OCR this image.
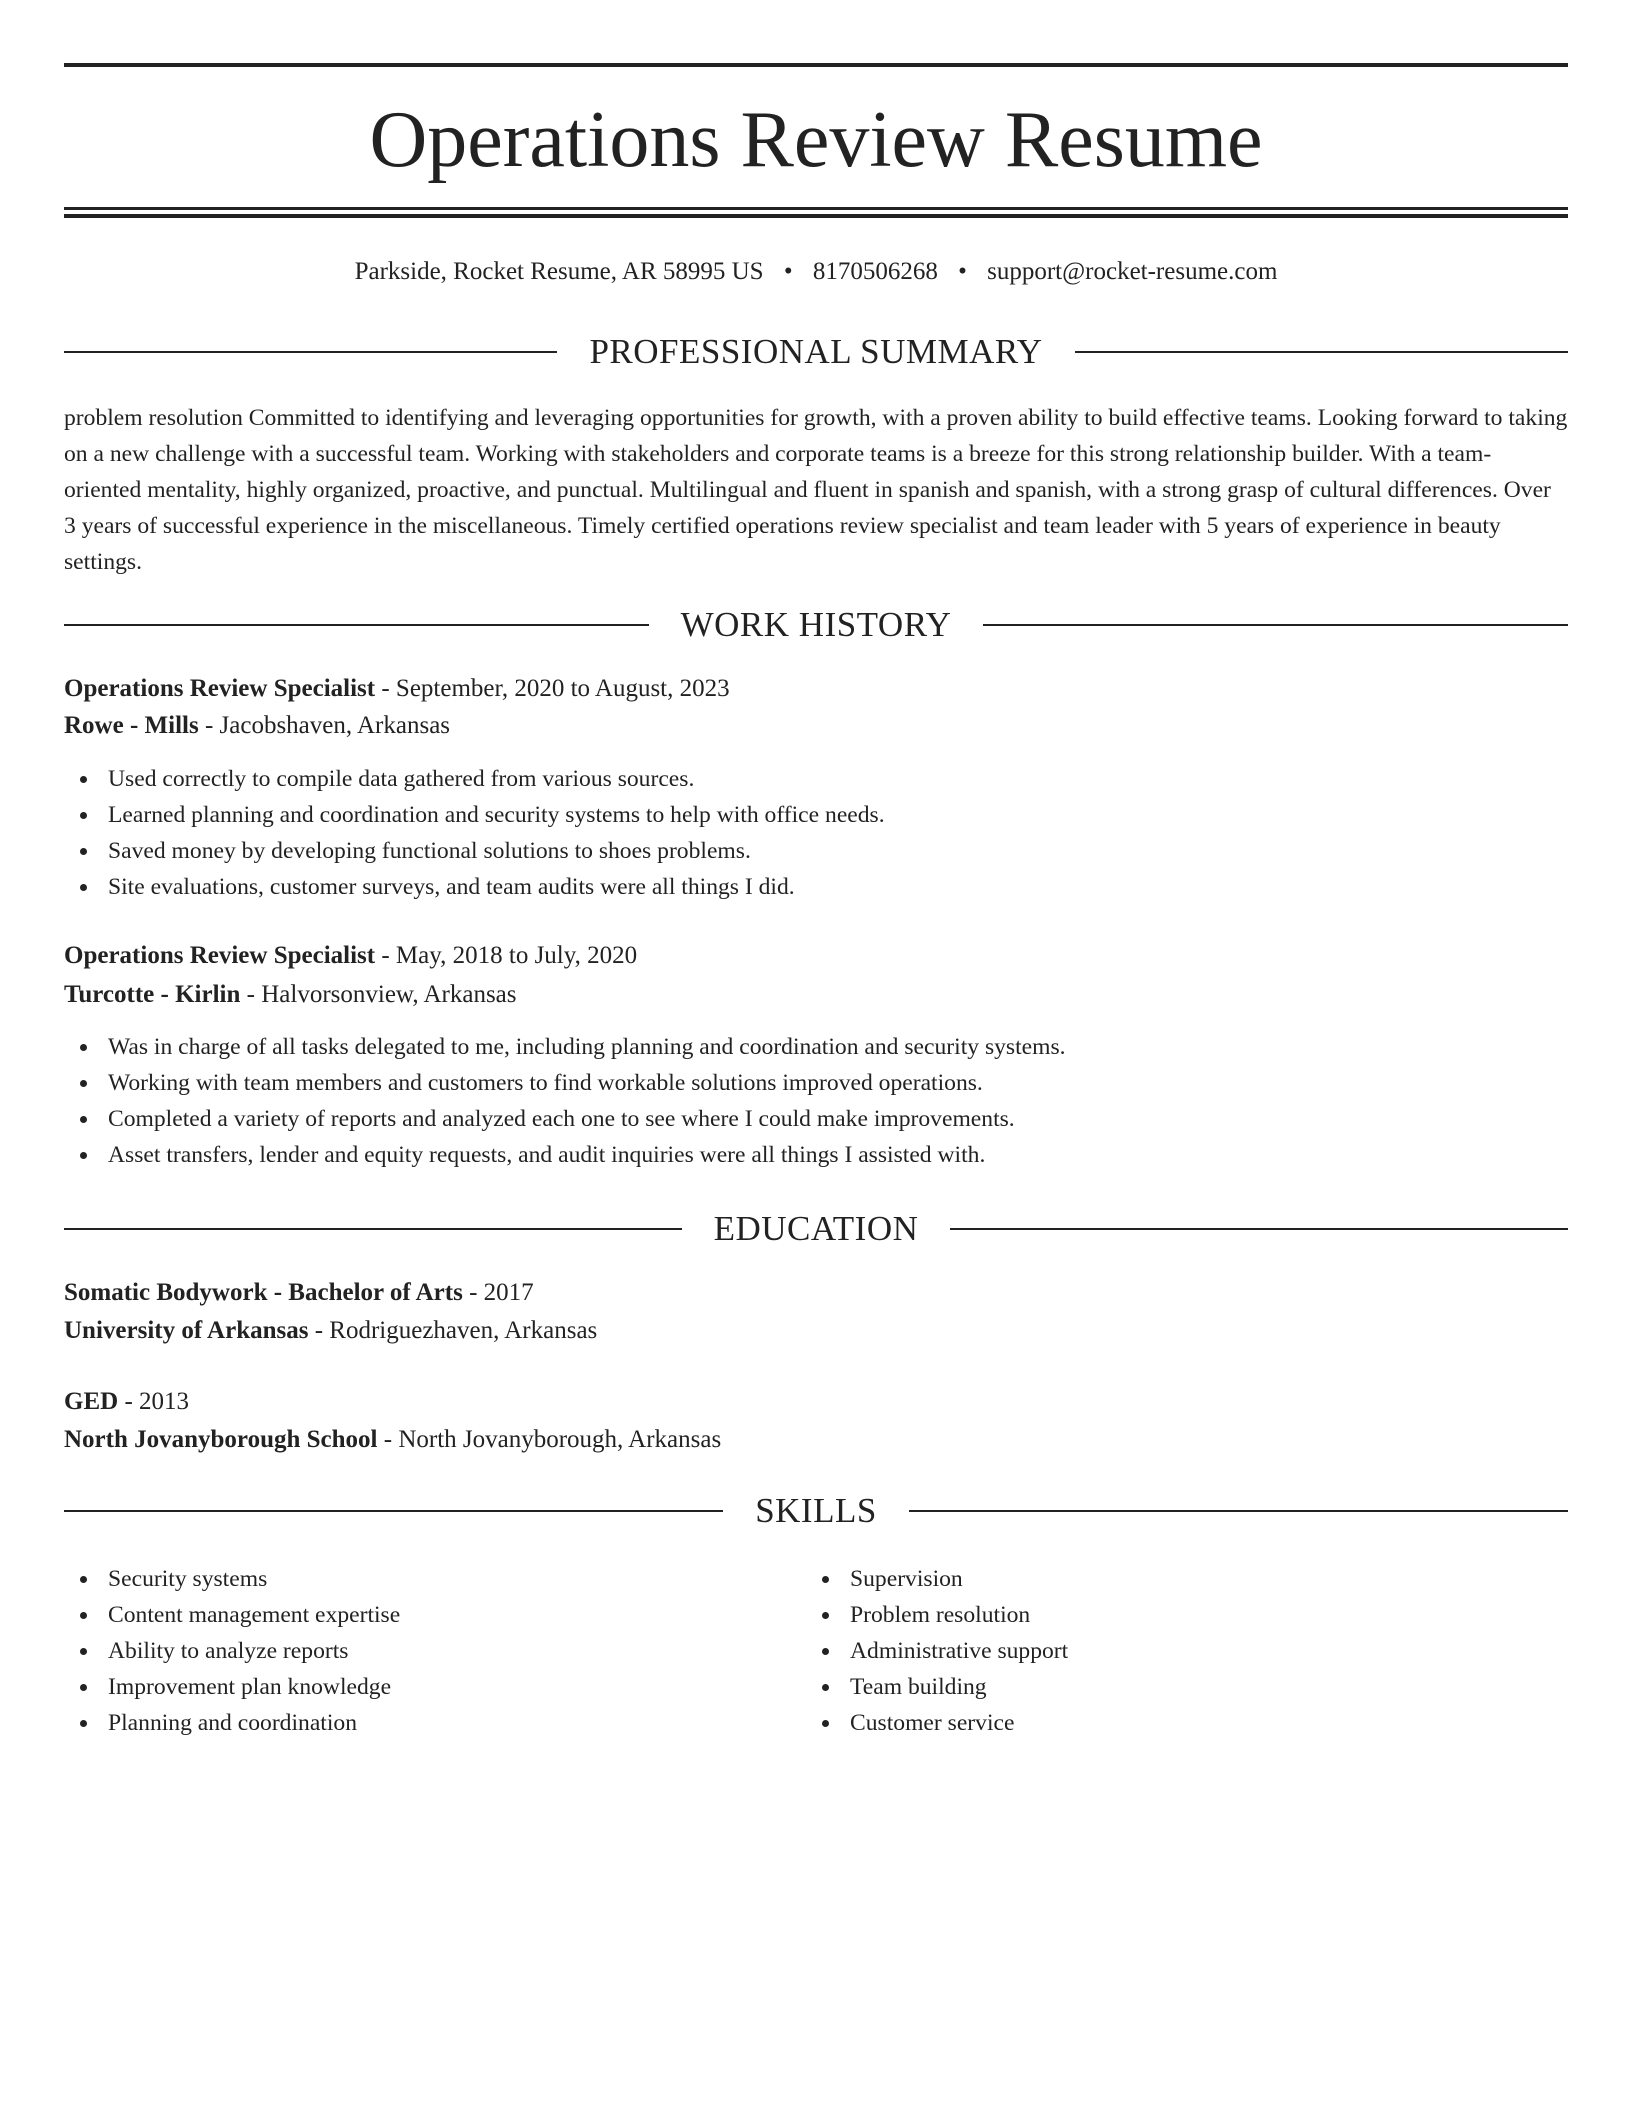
Operations Review Resume
Parkside, Rocket Resume, AR 58995 US • 8170506268 • support@rocket-resume.com
PROFESSIONAL SUMMARY

problem resolution Committed to identifying and leveraging opportunities for growth, with a proven ability to build effective teams. Looking forward to taking on a new challenge with a successful team. Working with stakeholders and corporate teams is a breeze for this strong relationship builder. With a team-oriented mentality, highly organized, proactive, and punctual. Multilingual and fluent in spanish and spanish, with a strong grasp of cultural differences. Over 3 years of successful experience in the miscellaneous. Timely certified operations review specialist and team leader with 5 years of experience in beauty settings.

WORK HISTORY
Operations Review Specialist - September, 2020 to August, 2023
Rowe - Mills - Jacobshaven, Arkansas
Used correctly to compile data gathered from various sources.
Learned planning and coordination and security systems to help with office needs.
Saved money by developing functional solutions to shoes problems.
Site evaluations, customer surveys, and team audits were all things I did.
Operations Review Specialist - May, 2018 to July, 2020
Turcotte - Kirlin - Halvorsonview, Arkansas
Was in charge of all tasks delegated to me, including planning and coordination and security systems.
Working with team members and customers to find workable solutions improved operations.
Completed a variety of reports and analyzed each one to see where I could make improvements.
Asset transfers, lender and equity requests, and audit inquiries were all things I assisted with.
EDUCATION
Somatic Bodywork - Bachelor of Arts - 2017
University of Arkansas - Rodriguezhaven, Arkansas
GED - 2013
North Jovanyborough School - North Jovanyborough, Arkansas
SKILLS
Security systems
Content management expertise
Ability to analyze reports
Improvement plan knowledge
Planning and coordination
Supervision
Problem resolution
Administrative support
Team building
Customer service
